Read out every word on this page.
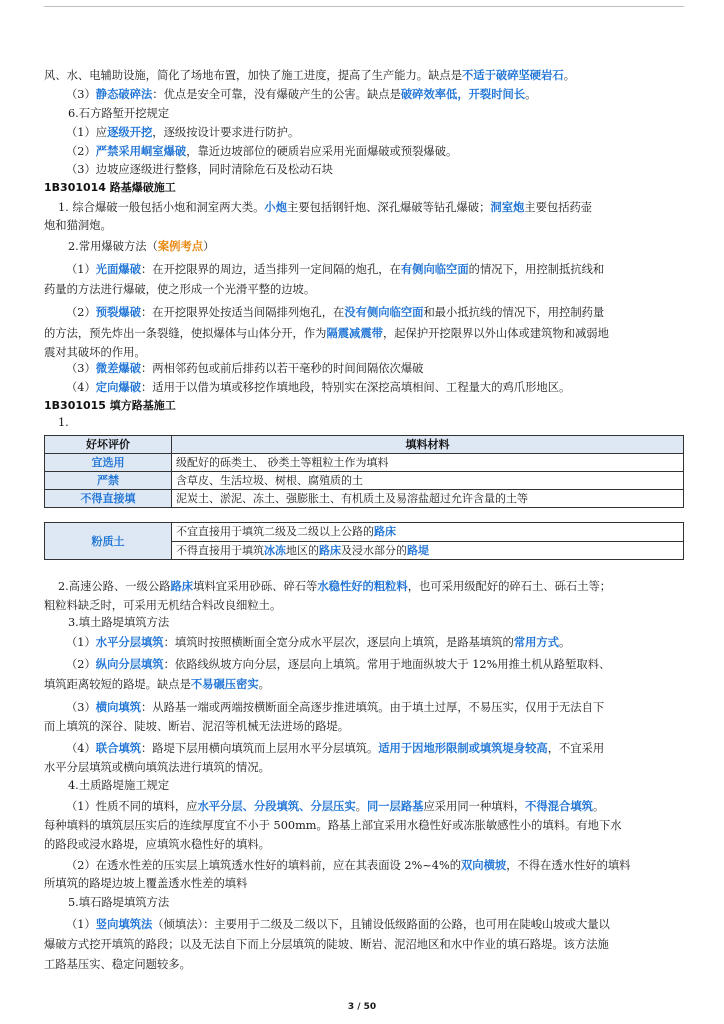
风、水、电辅助设施，简化了场地布置，加快了施工进度，提高了生产能力。缺点是不适于破碎坚硬岩石。
（3）静态破碎法：优点是安全可靠，没有爆破产生的公害。缺点是破碎效率低，开裂时间长。
6.石方路堑开挖规定
（1）应逐级开挖，逐级按设计要求进行防护。
（2）严禁采用峒室爆破，靠近边坡部位的硬质岩应采用光面爆破或预裂爆破。
（3）边坡应逐级进行整修，同时清除危石及松动石块
1B301014 路基爆破施工
1. 综合爆破一般包括小炮和洞室两大类。小炮主要包括钢钎炮、深孔爆破等钻孔爆破；洞室炮主要包括药壶
炮和猫洞炮。
2.常用爆破方法（案例考点）
（1）光面爆破：在开挖限界的周边，适当排列一定间隔的炮孔，在有侧向临空面的情况下，用控制抵抗线和
药量的方法进行爆破，使之形成一个光滑平整的边坡。
（2）预裂爆破：在开挖限界处按适当间隔排列炮孔，在没有侧向临空面和最小抵抗线的情况下，用控制药量
的方法，预先炸出一条裂缝，使拟爆体与山体分开，作为隔震减震带，起保护开挖限界以外山体或建筑物和减弱地
震对其破坏的作用。
（3）微差爆破：两相邻药包或前后排药以若干毫秒的时间间隔依次爆破
（4）定向爆破：适用于以借为填或移挖作填地段，特别实在深挖高填相间、工程量大的鸡爪形地区。
1B301015 填方路基施工
1.
好坏评价	填料材料
宜选用	级配好的砾类土、 砂类土等粗粒土作为填料
严禁	含草皮、生活垃圾、树根、腐殖质的土
不得直接填	泥炭土、淤泥、冻土、强膨胀土、有机质土及易溶盐超过允许含量的土等
粉质土	不宜直接用于填筑二级及二级以上公路的路床
不得直接用于填筑冰冻地区的路床及浸水部分的路堤
2.高速公路、一级公路路床填料宜采用砂砾、碎石等水稳性好的粗粒料，也可采用级配好的碎石土、砾石土等；
粗粒料缺乏时，可采用无机结合料改良细粒土。
3.填土路堤填筑方法
（1）水平分层填筑：填筑时按照横断面全宽分成水平层次，逐层向上填筑，是路基填筑的常用方式。
（2）纵向分层填筑：依路线纵坡方向分层，逐层向上填筑。常用于地面纵坡大于 12%用推土机从路堑取料、
填筑距离较短的路堤。缺点是不易碾压密实。
（3）横向填筑：从路基一端或两端按横断面全高逐步推进填筑。由于填土过厚，不易压实，仅用于无法自下
而上填筑的深谷、陡坡、断岩、泥沼等机械无法进场的路堤。
（4）联合填筑：路堤下层用横向填筑而上层用水平分层填筑。适用于因地形限制或填筑堤身较高，不宜采用
水平分层填筑或横向填筑法进行填筑的情况。
4.土质路堤施工规定
（1）性质不同的填料，应水平分层、分段填筑、分层压实。同一层路基应采用同一种填料，不得混合填筑。
每种填料的填筑层压实后的连续厚度宜不小于 500mm。路基上部宜采用水稳性好或冻胀敏感性小的填料。有地下水
的路段或浸水路堤，应填筑水稳性好的填料。
（2）在透水性差的压实层上填筑透水性好的填料前，应在其表面设 2%~4%的双向横坡，不得在透水性好的填料
所填筑的路堤边坡上覆盖透水性差的填料
5.填石路堤填筑方法
（1）竖向填筑法（倾填法）：主要用于二级及二级以下，且铺设低级路面的公路，也可用在陡峻山坡或大量以
爆破方式挖开填筑的路段；以及无法自下而上分层填筑的陡坡、断岩、泥沼地区和水中作业的填石路堤。该方法施
工路基压实、稳定问题较多。
3 / 50
